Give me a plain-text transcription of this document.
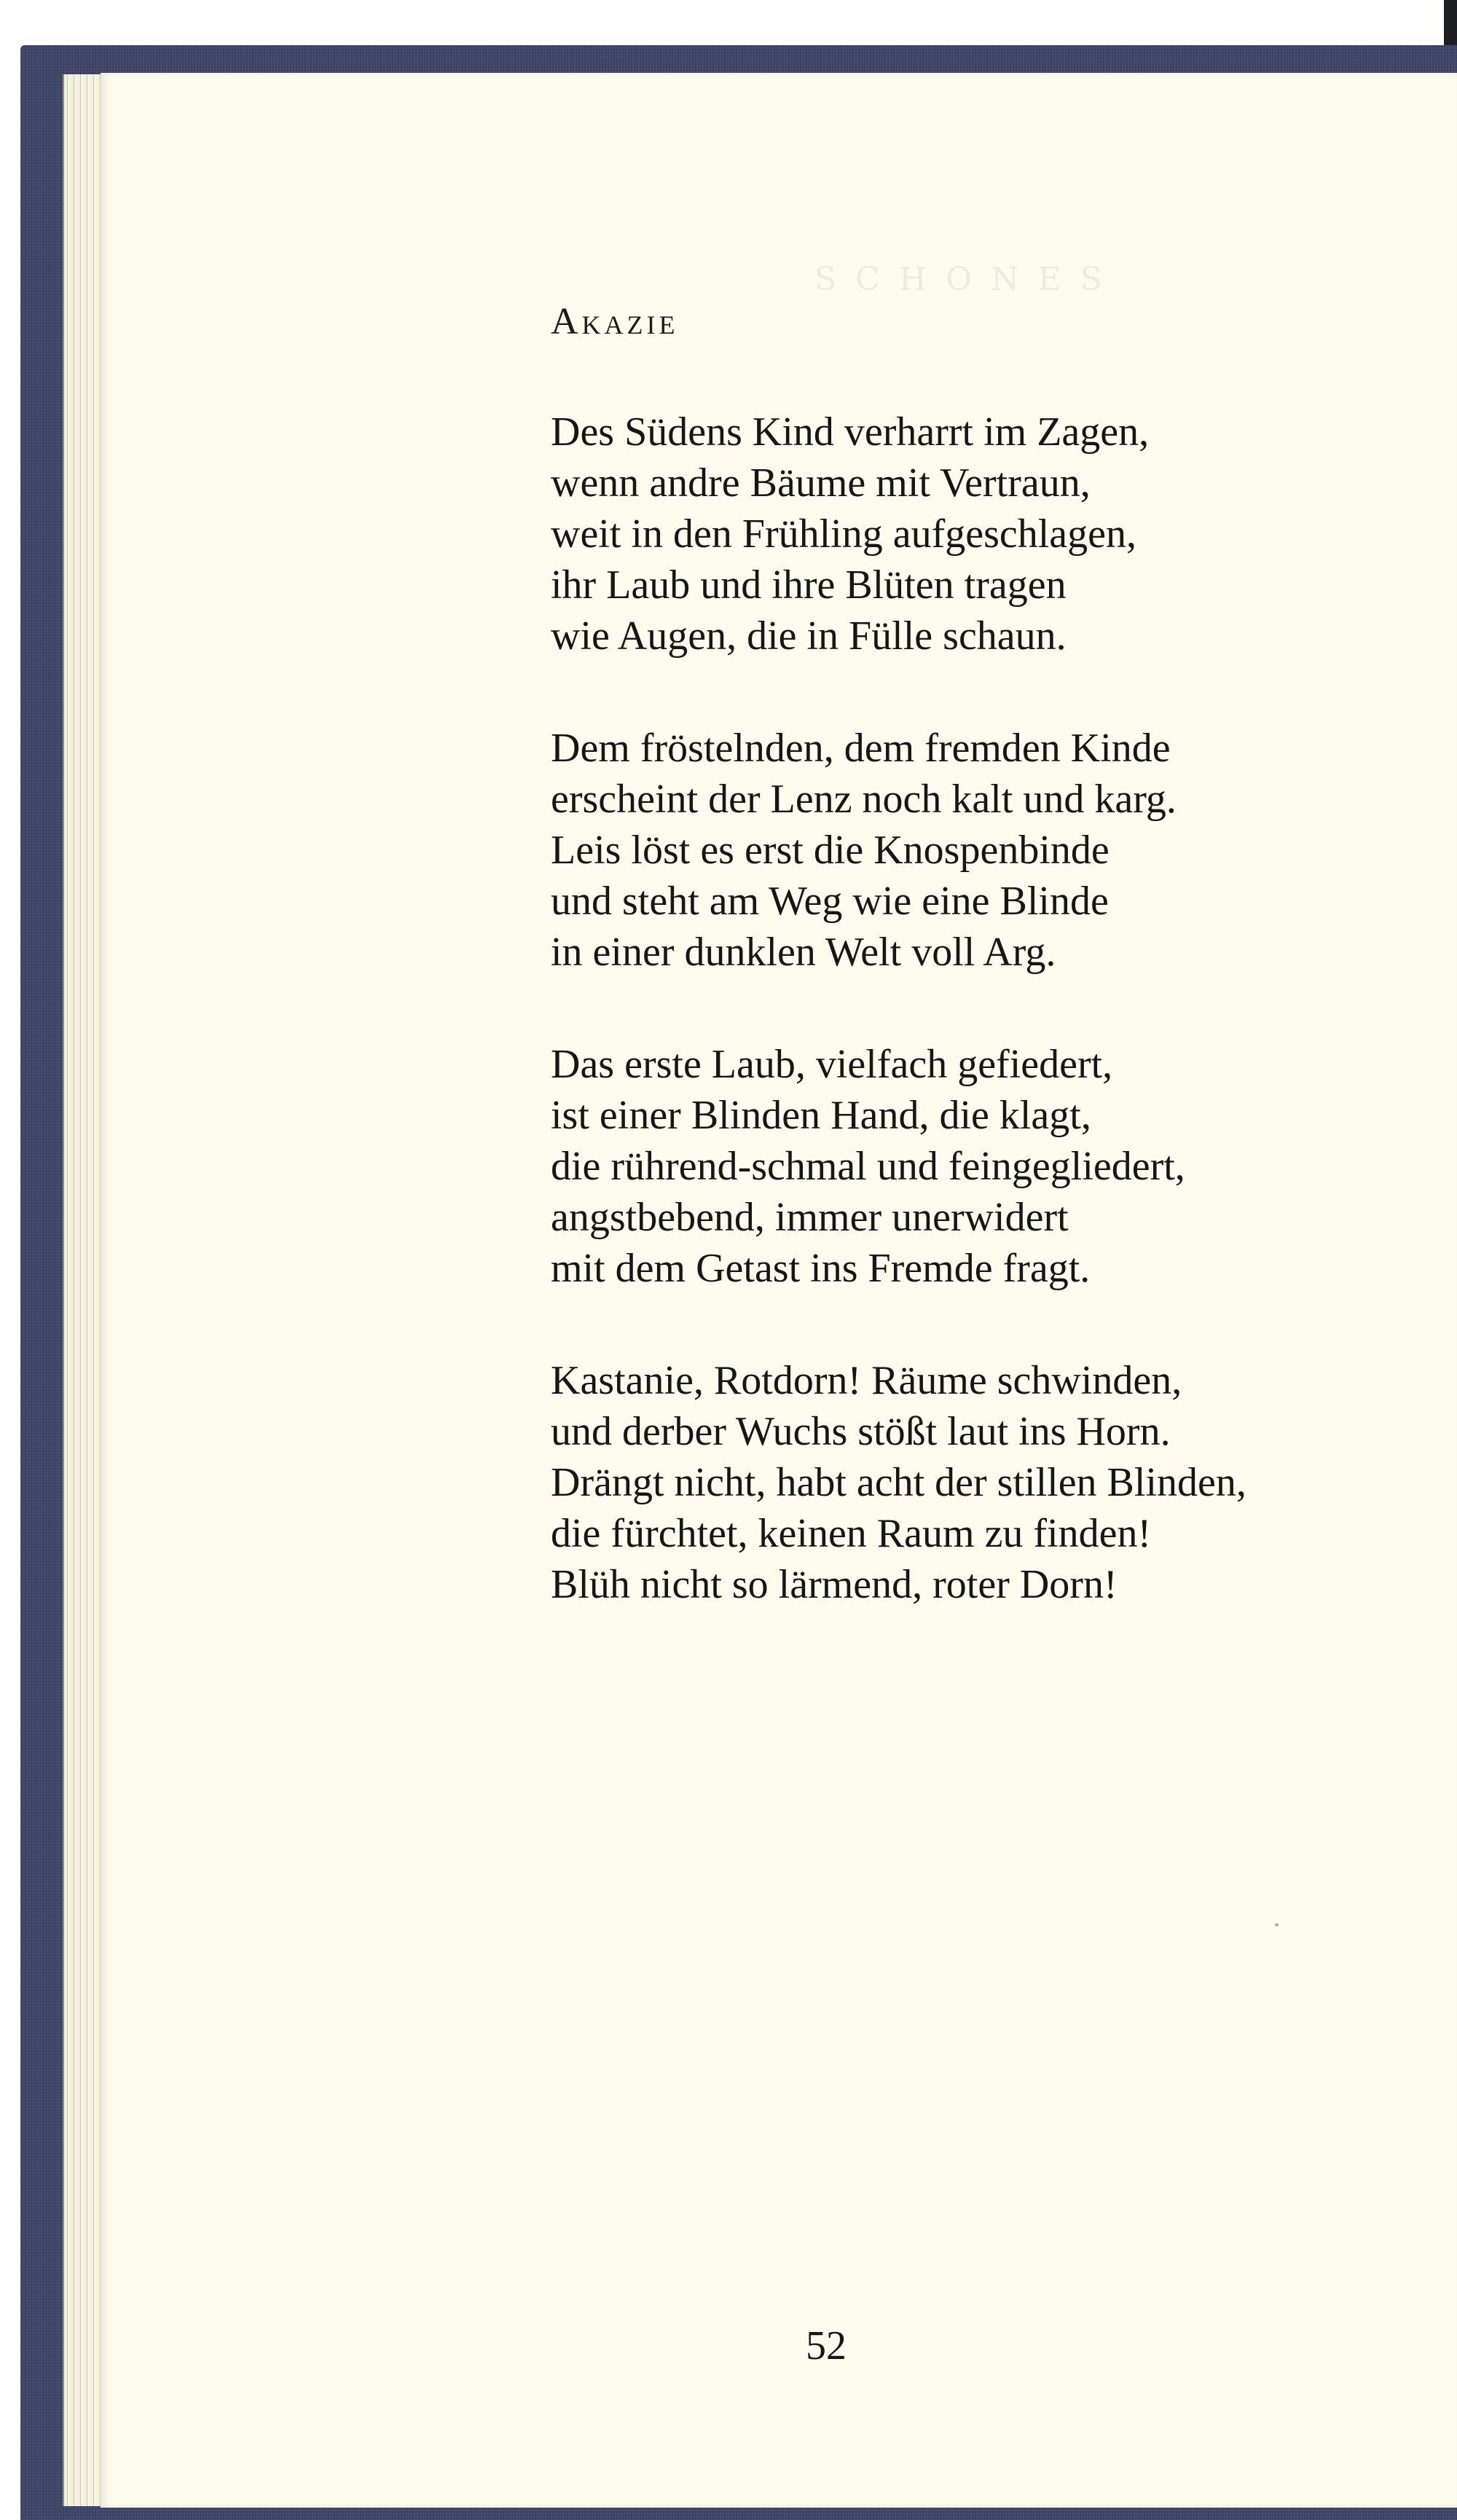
S C H O N E S
Akazie
Des Südens Kind verharrt im Zagen,
wenn andre Bäume mit Vertraun,
weit in den Frühling aufgeschlagen,
ihr Laub und ihre Blüten tragen
wie Augen, die in Fülle schaun.
Dem fröstelnden, dem fremden Kinde
erscheint der Lenz noch kalt und karg.
Leis löst es erst die Knospenbinde
und steht am Weg wie eine Blinde
in einer dunklen Welt voll Arg.
Das erste Laub, vielfach gefiedert,
ist einer Blinden Hand, die klagt,
die rührend-schmal und feingegliedert,
angstbebend, immer unerwidert
mit dem Getast ins Fremde fragt.
Kastanie, Rotdorn! Räume schwinden,
und derber Wuchs stößt laut ins Horn.
Drängt nicht, habt acht der stillen Blinden,
die fürchtet, keinen Raum zu finden!
Blüh nicht so lärmend, roter Dorn!
52
